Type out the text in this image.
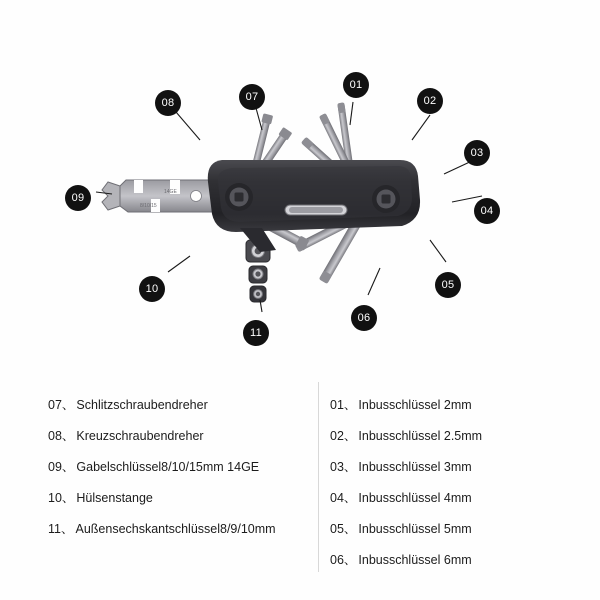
14GE
8/10/15
01
02
03
04
05
06
07
08
09
10
11
07、 Schlitzschraubendreher
08、 Kreuzschraubendreher
09、 Gabelschlüssel8/10/15mm 14GE
10、 Hülsenstange
11、 Außensechskantschlüssel8/9/10mm
01、 Inbusschlüssel 2mm
02、 Inbusschlüssel 2.5mm
03、 Inbusschlüssel 3mm
04、 Inbusschlüssel 4mm
05、 Inbusschlüssel 5mm
06、 Inbusschlüssel 6mm
